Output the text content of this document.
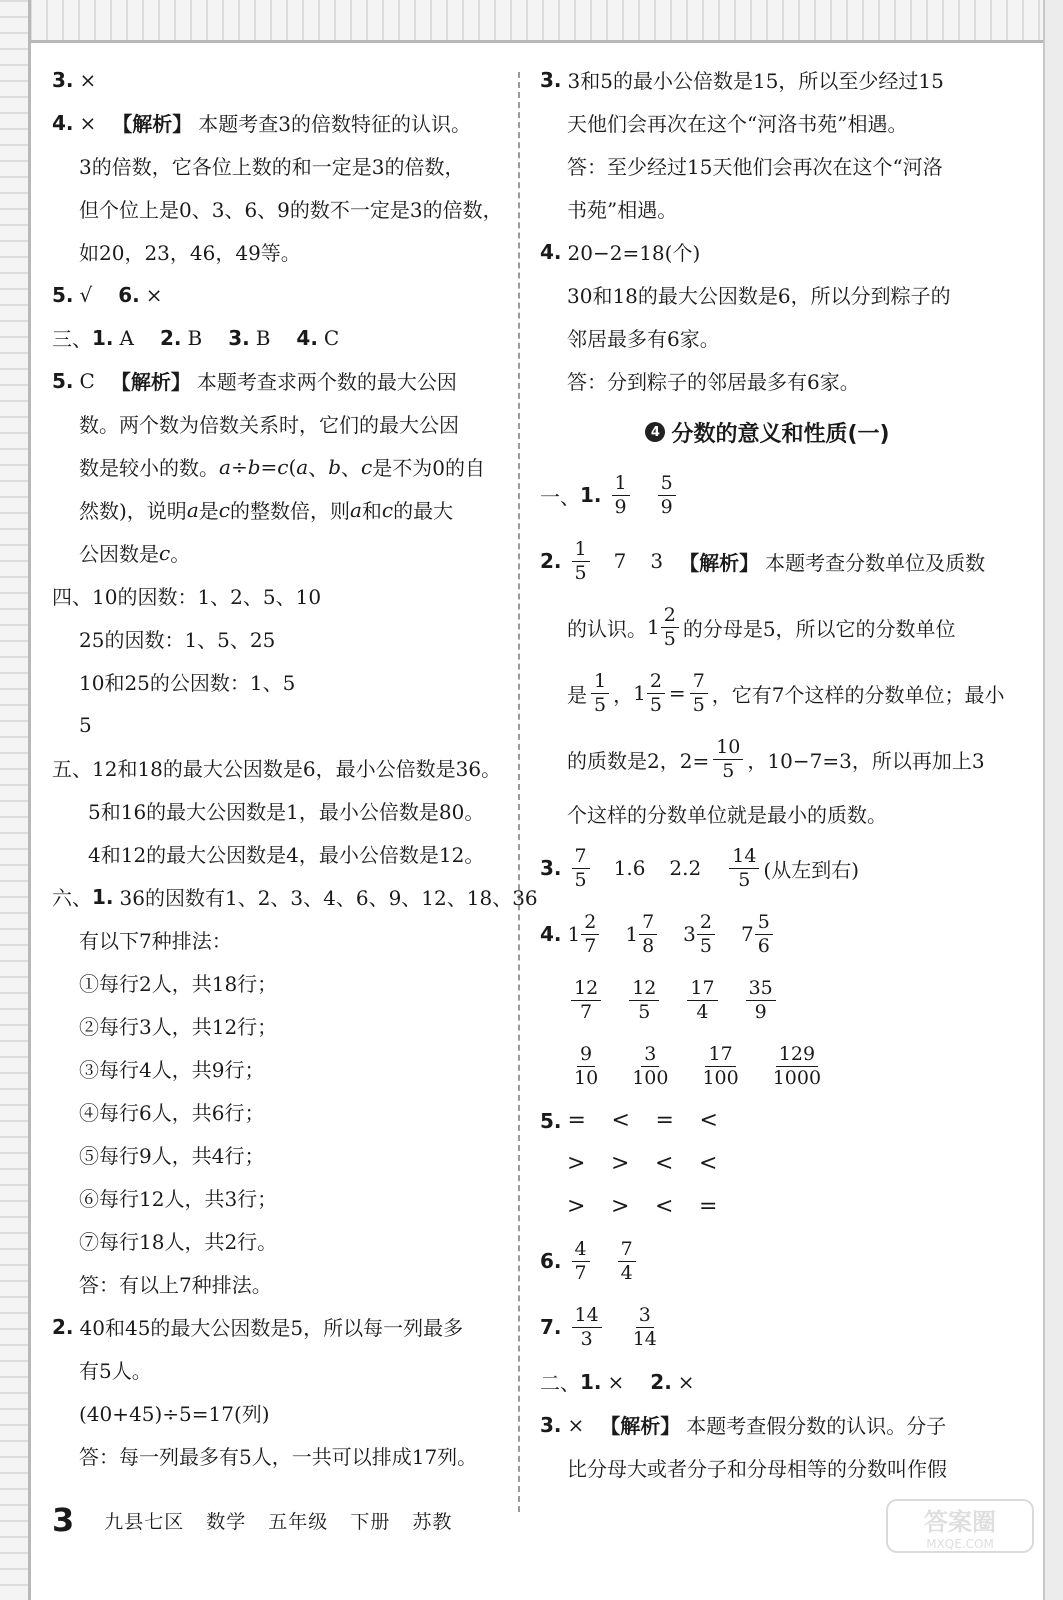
3. ×
4. × 【解析】 本题考查3的倍数特征的认识。
3的倍数，它各位上数的和一定是3的倍数，
但个位上是0、3、6、9的数不一定是3的倍数，
如20，23，46，49等。
5. √ 6. ×
三、 1. A 2. B 3. B 4. C
5. C 【解析】 本题考查求两个数的最大公因
数。两个数为倍数关系时，它们的最大公因
数是较小的数。 a ÷ b = c ( a 、 b 、 c 是不为0的自
然数)，说明 a 是 c 的整数倍，则 a 和 c 的最大
公因数是 c 。
四、10的因数：1、2、5、10
25的因数：1、5、25
10和25的公因数：1、5
5
五、12和18的最大公因数是6，最小公倍数是36。
5和16的最大公因数是1，最小公倍数是80。
4和12的最大公因数是4，最小公倍数是12。
六、 1. 36的因数有1、2、3、4、6、9、12、18、36
有以下7种排法：
①每行2人，共18行；
②每行3人，共12行；
③每行4人，共9行；
④每行6人，共6行；
⑤每行9人，共4行；
⑥每行12人，共3行；
⑦每行18人，共2行。
答：有以上7种排法。
2. 40和45的最大公因数是5，所以每一列最多
有5人。
(40+45)÷5=17(列)
答：每一列最多有5人，一共可以排成17列。
3. 3和5的最小公倍数是15，所以至少经过15
天他们会再次在这个“河洛书苑”相遇。
答：至少经过15天他们会再次在这个“河洛
书苑”相遇。
4. 20−2=18(个)
30和18的最大公因数是6，所以分到粽子的
邻居最多有6家。
答：分到粽子的邻居最多有6家。
4 分数的意义和性质(一)
一、 1. $\frac{1}{9} \frac{5}{9}$
2. $\frac{1}{5} 7$ 3 【解析】 本题考查分数单位及质数
的认识。 $1 \frac{2}{5}$ 的分母是5，所以它的分数单位
是 $\frac{1}{5}$ ， $1 \frac{2}{5} = \frac{7}{5}$ ，它有7个这样的分数单位；最小
的质数是2，$2= \frac{10}{5}$ ，10−7=3，所以再加上3
个这样的分数单位就是最小的质数。
3. $\frac{7}{5} 1.6$ $2.2 \frac{14}{5}$ (从左到右)
4. $1 \frac{2}{7} 1 \frac{7}{8} 3 \frac{2}{5} 7 \frac{5}{6}$
$\frac{12}{7} \frac{12}{5} \frac{17}{4} \frac{35}{9}$
$\frac{9}{10} \frac{3}{100} \frac{17}{100} \frac{129}{1000}$
5. =	<	=	<
>	>	<	<
>	>	<	=
6. $\frac{4}{7} \frac{7}{4}$
7. $\frac{14}{3} \frac{3}{14}$
二、 1. × 2. ×
3. × 【解析】 本题考查假分数的认识。分子
比分母大或者分子和分母相等的分数叫作假
3 九县七区 数学 五年级 下册 苏教	答案圈
MXQE.COM
